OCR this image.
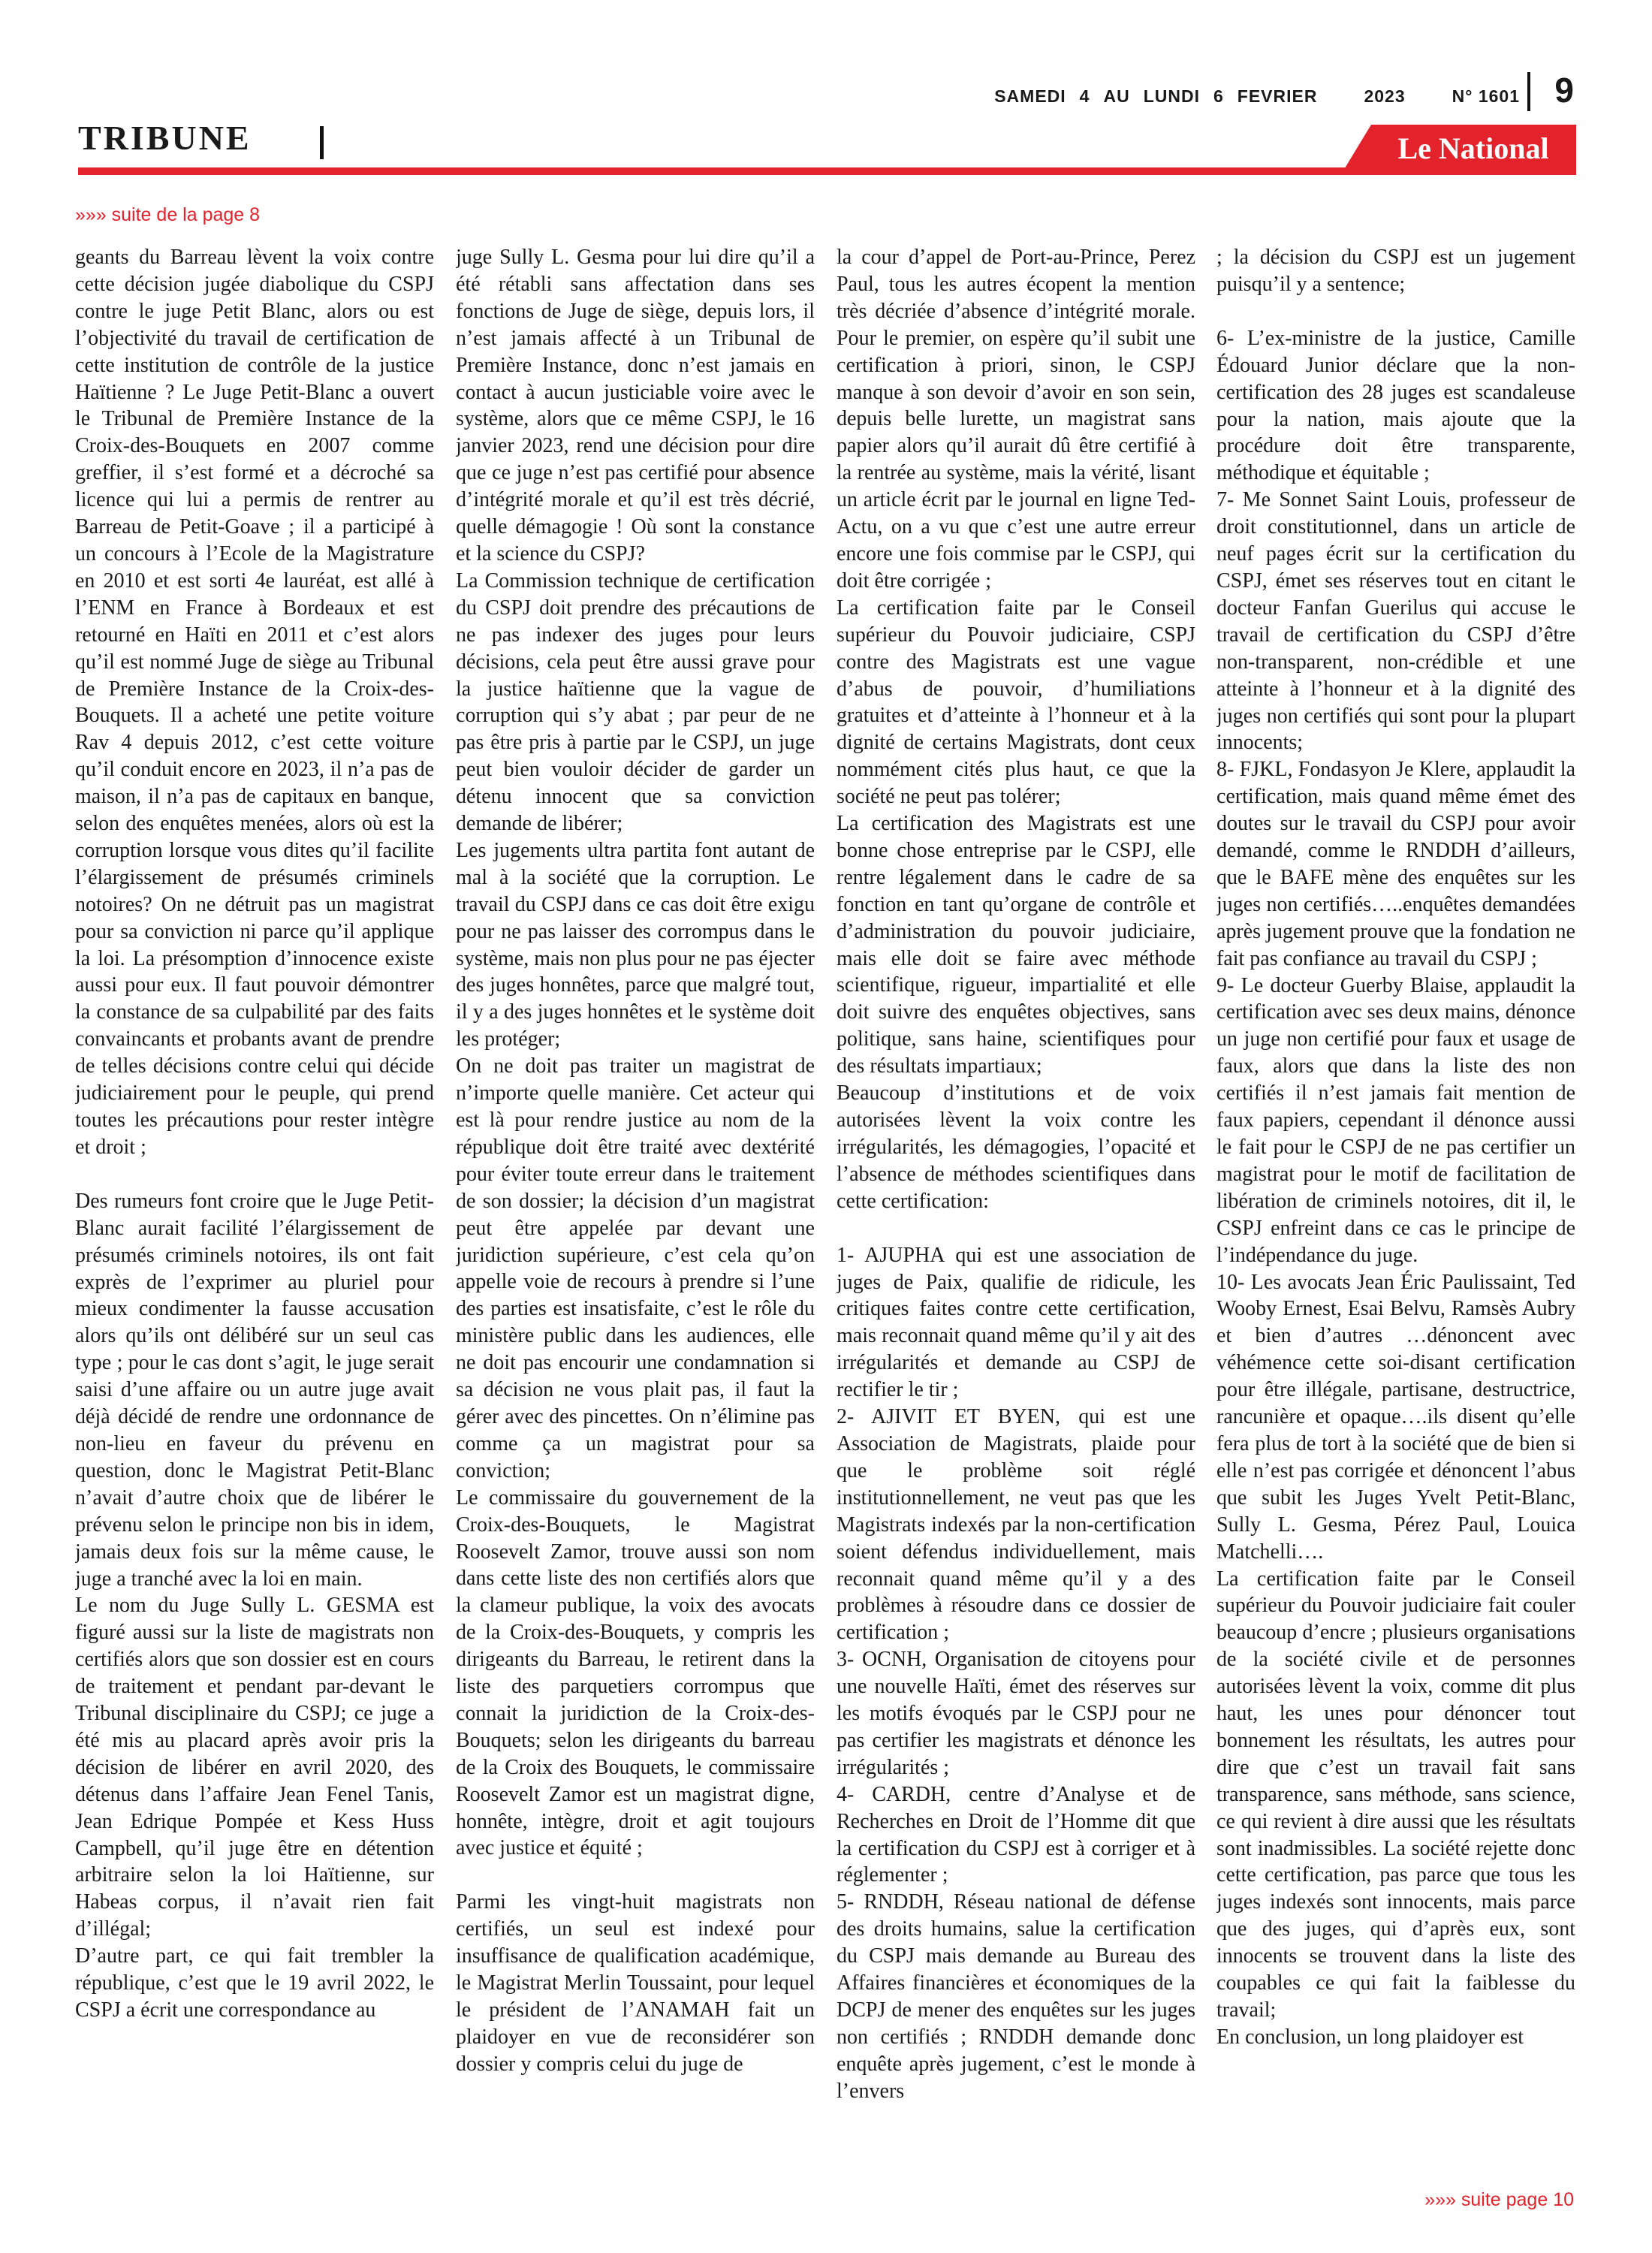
SAMEDI 4 AU LUNDI 6 FEVRIER	2023	N° 1601 9
TRIBUNE	Le National
»»» suite de la page 8

geants du Barreau lèvent la voix contre cette décision jugée diabolique du CSPJ contre le juge Petit Blanc, alors ou est l’objectivité du travail de certification de cette institution de contrôle de la justice Haïtienne ? Le Juge Petit-Blanc a ouvert le Tribunal de Première Instance de la Croix-des-Bouquets en 2007 comme greffier, il s’est formé et a décroché sa licence qui lui a permis de rentrer au Barreau de Petit-Goave ; il a participé à un concours à l’Ecole de la Magistrature en 2010 et est sorti 4e lauréat, est allé à l’ENM en France à Bordeaux et est retourné en Haïti en 2011 et c’est alors qu’il est nommé Juge de siège au Tribunal de Première Instance de la Croix-des-Bouquets. Il a acheté une petite voiture Rav 4 depuis 2012, c’est cette voiture qu’il conduit encore en 2023, il n’a pas de maison, il n’a pas de capitaux en banque, selon des enquêtes menées, alors où est la corruption lorsque vous dites qu’il facilite l’élargissement de présumés criminels notoires? On ne détruit pas un magistrat pour sa conviction ni parce qu’il applique la loi. La présomption d’innocence existe aussi pour eux. Il faut pouvoir démontrer la constance de sa culpabilité par des faits convaincants et probants avant de prendre de telles décisions contre celui qui décide judiciairement pour le peuple, qui prend toutes les précautions pour rester intègre et droit ;

Des rumeurs font croire que le Juge Petit-Blanc aurait facilité l’élargissement de présumés criminels notoires, ils ont fait exprès de l’exprimer au pluriel pour mieux condimenter la fausse accusation alors qu’ils ont délibéré sur un seul cas type ; pour le cas dont s’agit, le juge serait saisi d’une affaire ou un autre juge avait déjà décidé de rendre une ordonnance de non-lieu en faveur du prévenu en question, donc le Magistrat Petit-Blanc n’avait d’autre choix que de libérer le prévenu selon le principe non bis in idem, jamais deux fois sur la même cause, le juge a tranché avec la loi en main.

Le nom du Juge Sully L. GESMA est figuré aussi sur la liste de magistrats non certifiés alors que son dossier est en cours de traitement et pendant par-devant le Tribunal disciplinaire du CSPJ; ce juge a été mis au placard après avoir pris la décision de libérer en avril 2020, des détenus dans l’affaire Jean Fenel Tanis, Jean Edrique Pompée et Kess Huss Campbell, qu’il juge être en détention arbitraire selon la loi Haïtienne, sur Habeas corpus, il n’avait rien fait d’illégal;

D’autre part, ce qui fait trembler la république, c’est que le 19 avril 2022, le CSPJ a écrit une correspondance au

juge Sully L. Gesma pour lui dire qu’il a été rétabli sans affectation dans ses fonctions de Juge de siège, depuis lors, il n’est jamais affecté à un Tribunal de Première Instance, donc n’est jamais en contact à aucun justiciable voire avec le système, alors que ce même CSPJ, le 16 janvier 2023, rend une décision pour dire que ce juge n’est pas certifié pour absence d’intégrité morale et qu’il est très décrié, quelle démagogie ! Où sont la constance et la science du CSPJ?

La Commission technique de certification du CSPJ doit prendre des précautions de ne pas indexer des juges pour leurs décisions, cela peut être aussi grave pour la justice haïtienne que la vague de corruption qui s’y abat ; par peur de ne pas être pris à partie par le CSPJ, un juge peut bien vouloir décider de garder un détenu innocent que sa conviction demande de libérer;

Les jugements ultra partita font autant de mal à la société que la corruption. Le travail du CSPJ dans ce cas doit être exigu pour ne pas laisser des corrompus dans le système, mais non plus pour ne pas éjecter des juges honnêtes, parce que malgré tout, il y a des juges honnêtes et le système doit les protéger;

On ne doit pas traiter un magistrat de n’importe quelle manière. Cet acteur qui est là pour rendre justice au nom de la république doit être traité avec dextérité pour éviter toute erreur dans le traitement de son dossier; la décision d’un magistrat peut être appelée par devant une juridiction supérieure, c’est cela qu’on appelle voie de recours à prendre si l’une des parties est insatisfaite, c’est le rôle du ministère public dans les audiences, elle ne doit pas encourir une condamnation si sa décision ne vous plait pas, il faut la gérer avec des pincettes. On n’élimine pas comme ça un magistrat pour sa conviction;

Le commissaire du gouvernement de la Croix-des-Bouquets, le Magistrat Roosevelt Zamor, trouve aussi son nom dans cette liste des non certifiés alors que la clameur publique, la voix des avocats de la Croix-des-Bouquets, y compris les dirigeants du Barreau, le retirent dans la liste des parquetiers corrompus que connait la juridiction de la Croix-des-Bouquets; selon les dirigeants du barreau de la Croix des Bouquets, le commissaire Roosevelt Zamor est un magistrat digne, honnête, intègre, droit et agit toujours avec justice et équité ;

Parmi les vingt-huit magistrats non certifiés, un seul est indexé pour insuffisance de qualification académique, le Magistrat Merlin Toussaint, pour lequel le président de l’ANAMAH fait un plaidoyer en vue de reconsidérer son dossier y compris celui du juge de

la cour d’appel de Port-au-Prince, Perez Paul, tous les autres écopent la mention très décriée d’absence d’intégrité morale. Pour le premier, on espère qu’il subit une certification à priori, sinon, le CSPJ manque à son devoir d’avoir en son sein, depuis belle lurette, un magistrat sans papier alors qu’il aurait dû être certifié à la rentrée au système, mais la vérité, lisant un article écrit par le journal en ligne Ted-Actu, on a vu que c’est une autre erreur encore une fois commise par le CSPJ, qui doit être corrigée ;

La certification faite par le Conseil supérieur du Pouvoir judiciaire, CSPJ contre des Magistrats est une vague d’abus de pouvoir, d’humiliations gratuites et d’atteinte à l’honneur et à la dignité de certains Magistrats, dont ceux nommément cités plus haut, ce que la société ne peut pas tolérer;

La certification des Magistrats est une bonne chose entreprise par le CSPJ, elle rentre légalement dans le cadre de sa fonction en tant qu’organe de contrôle et d’administration du pouvoir judiciaire, mais elle doit se faire avec méthode scientifique, rigueur, impartialité et elle doit suivre des enquêtes objectives, sans politique, sans haine, scientifiques pour des résultats impartiaux;

Beaucoup d’institutions et de voix autorisées lèvent la voix contre les irrégularités, les démagogies, l’opacité et l’absence de méthodes scientifiques dans cette certification:

1- AJUPHA qui est une association de juges de Paix, qualifie de ridicule, les critiques faites contre cette certification, mais reconnait quand même qu’il y ait des irrégularités et demande au CSPJ de rectifier le tir ;

2- AJIVIT ET BYEN, qui est une Association de Magistrats, plaide pour que le problème soit réglé institutionnellement, ne veut pas que les Magistrats indexés par la non-certification soient défendus individuellement, mais reconnait quand même qu’il y a des problèmes à résoudre dans ce dossier de certification ;

3- OCNH, Organisation de citoyens pour une nouvelle Haïti, émet des réserves sur les motifs évoqués par le CSPJ pour ne pas certifier les magistrats et dénonce les irrégularités ;

4- CARDH, centre d’Analyse et de Recherches en Droit de l’Homme dit que la certification du CSPJ est à corriger et à réglementer ;

5- RNDDH, Réseau national de défense des droits humains, salue la certification du CSPJ mais demande au Bureau des Affaires financières et économiques de la DCPJ de mener des enquêtes sur les juges non certifiés ; RNDDH demande donc enquête après jugement, c’est le monde à l’envers

; la décision du CSPJ est un jugement puisqu’il y a sentence;

6- L’ex-ministre de la justice, Camille Édouard Junior déclare que la non-certification des 28 juges est scandaleuse pour la nation, mais ajoute que la procédure doit être transparente, méthodique et équitable ;

7- Me Sonnet Saint Louis, professeur de droit constitutionnel, dans un article de neuf pages écrit sur la certification du CSPJ, émet ses réserves tout en citant le docteur Fanfan Guerilus qui accuse le travail de certification du CSPJ d’être non-transparent, non-crédible et une atteinte à l’honneur et à la dignité des juges non certifiés qui sont pour la plupart innocents;

8- FJKL, Fondasyon Je Klere, applaudit la certification, mais quand même émet des doutes sur le travail du CSPJ pour avoir demandé, comme le RNDDH d’ailleurs, que le BAFE mène des enquêtes sur les juges non certifiés…..enquêtes demandées après jugement prouve que la fondation ne fait pas confiance au travail du CSPJ ;

9- Le docteur Guerby Blaise, applaudit la certification avec ses deux mains, dénonce un juge non certifié pour faux et usage de faux, alors que dans la liste des non certifiés il n’est jamais fait mention de faux papiers, cependant il dénonce aussi le fait pour le CSPJ de ne pas certifier un magistrat pour le motif de facilitation de libération de criminels notoires, dit il, le CSPJ enfreint dans ce cas le principe de l’indépendance du juge.

10- Les avocats Jean Éric Paulissaint, Ted Wooby Ernest, Esai Belvu, Ramsès Aubry et bien d’autres …dénoncent avec véhémence cette soi-disant certification pour être illégale, partisane, destructrice, rancunière et opaque….ils disent qu’elle fera plus de tort à la société que de bien si elle n’est pas corrigée et dénoncent l’abus que subit les Juges Yvelt Petit-Blanc, Sully L. Gesma, Pérez Paul, Louica Matchelli….

La certification faite par le Conseil supérieur du Pouvoir judiciaire fait couler beaucoup d’encre ; plusieurs organisations de la société civile et de personnes autorisées lèvent la voix, comme dit plus haut, les unes pour dénoncer tout bonnement les résultats, les autres pour dire que c’est un travail fait sans transparence, sans méthode, sans science, ce qui revient à dire aussi que les résultats sont inadmissibles. La société rejette donc cette certification, pas parce que tous les juges indexés sont innocents, mais parce que des juges, qui d’après eux, sont innocents se trouvent dans la liste des coupables ce qui fait la faiblesse du travail;

En conclusion, un long plaidoyer est

»»» suite page 10
